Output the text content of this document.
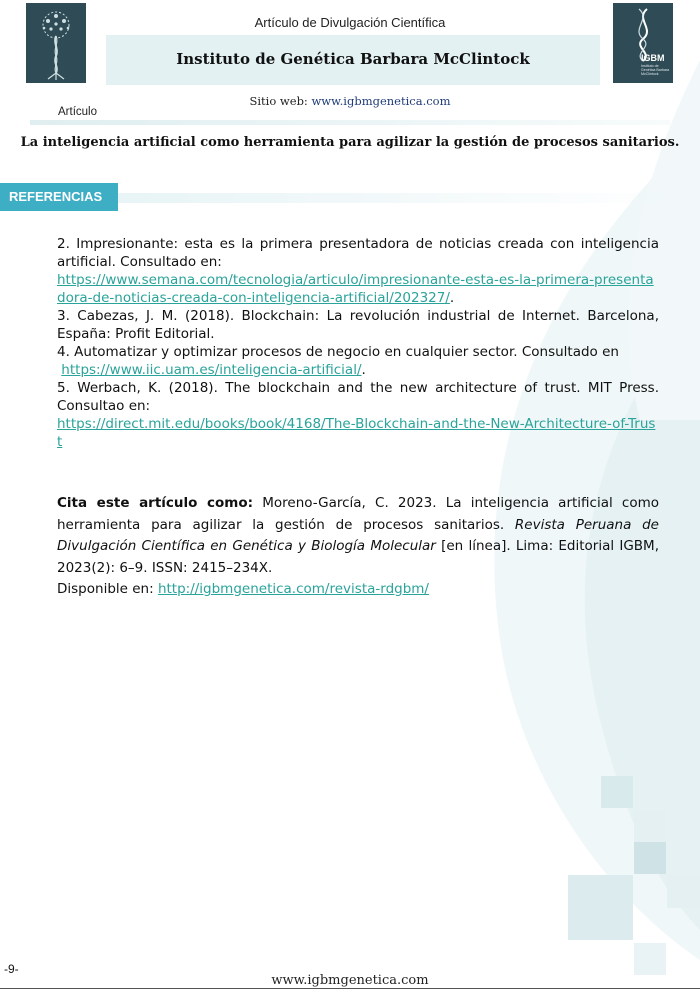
IGBM
Instituto de Genética Barbara McClintock
Artículo de Divulgación Científica
Instituto de Genética Barbara McClintock
Sitio web: www.igbmgenetica.com
Artículo
La inteligencia artificial como herramienta para agilizar la gestión de procesos sanitarios.
REFERENCIAS

2. Impresionante: esta es la primera presentadora de noticias creada con inteligencia artificial. Consultado en:
https://www.semana.com/tecnologia/articulo/impresionante-esta-es-la-primera-presentadora-de-noticias-creada-con-inteligencia-artificial/202327/.

3. Cabezas, J. M. (2018). Blockchain: La revolución industrial de Internet. Barcelona, España: Profit Editorial.

4. Automatizar y optimizar procesos de negocio en cualquier sector. Consultado en
https://www.iic.uam.es/inteligencia-artificial/.

5. Werbach, K. (2018). The blockchain and the new architecture of trust. MIT Press. Consultao en:
https://direct.mit.edu/books/book/4168/The-Blockchain-and-the-New-Architecture-of-Trust

Cita este artículo como: Moreno-García, C. 2023. La inteligencia artificial como herramienta para agilizar la gestión de procesos sanitarios. Revista Peruana de Divulgación Científica en Genética y Biología Molecular [en línea]. Lima: Editorial IGBM, 2023(2): 6–9. ISSN: 2415–234X.
Disponible en: http://igbmgenetica.com/revista-rdgbm/
-9-
www.igbmgenetica.com
